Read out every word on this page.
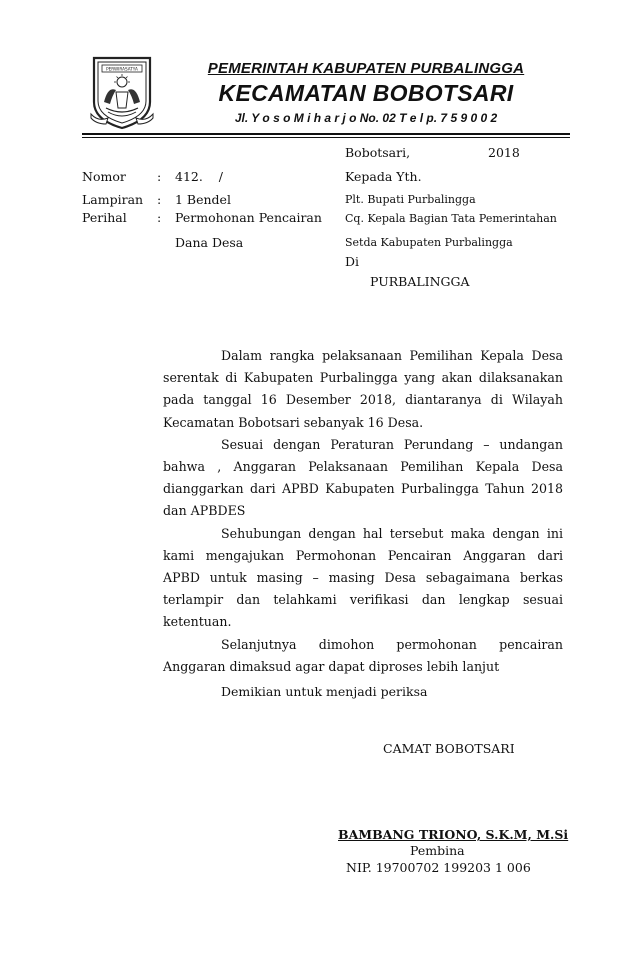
PERWIRASATYA	PEMERINTAH KABUPATEN PURBALINGGA
KECAMATAN BOBOTSARI
Jl. Y o s o M i h a r j o No. 02 T e l p. 7 5 9 0 0 2
Bobotsari,	2018
Nomor : 412.    /
Lampiran : 1 Bendel
Perihal : Permohonan Pencairan
Dana Desa
Kepada Yth.
Plt. Bupati Purbalingga
Cq. Kepala Bagian Tata Pemerintahan
Setda Kabupaten Purbalingga
Di
PURBALINGGA

Dalam rangka pelaksanaan Pemilihan Kepala Desa serentak di Kabupaten Purbalingga yang akan dilaksanakan pada tanggal 16 Desember 2018, diantaranya di Wilayah Kecamatan Bobotsari sebanyak 16 Desa.

Sesuai dengan Peraturan Perundang – undangan bahwa , Anggaran Pelaksanaan Pemilihan Kepala Desa dianggarkan dari APBD Kabupaten Purbalingga Tahun 2018 dan APBDES

Sehubungan dengan hal tersebut maka dengan ini kami mengajukan Permohonan Pencairan Anggaran dari APBD untuk masing – masing Desa sebagaimana berkas terlampir dan telahkami verifikasi dan lengkap sesuai ketentuan.

Selanjutnya dimohon permohonan pencairan Anggaran dimaksud agar dapat diproses lebih lanjut

Demikian untuk menjadi periksa
CAMAT BOBOTSARI
BAMBANG TRIONO, S.K.M, M.Si
Pembina
NIP. 19700702 199203 1 006
